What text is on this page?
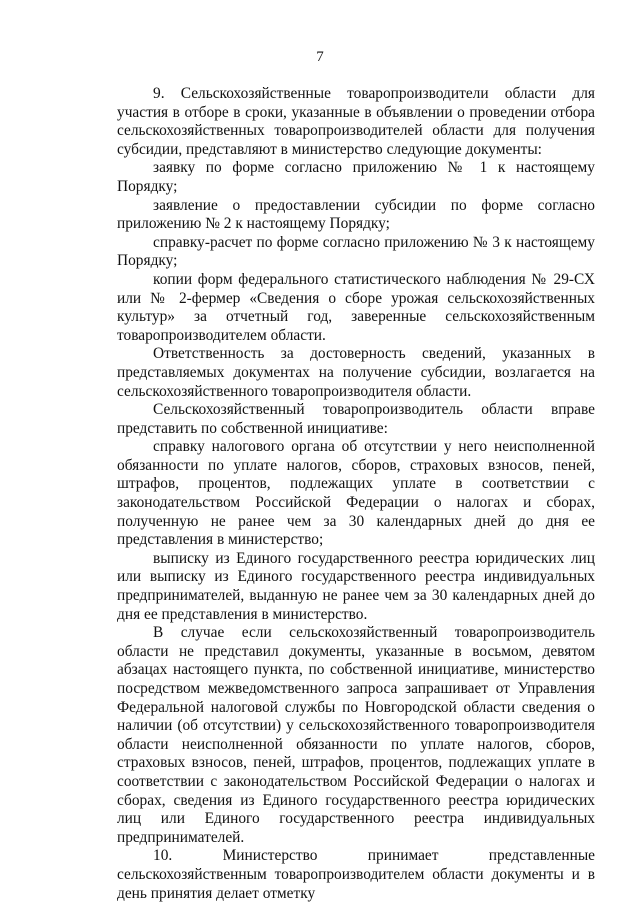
7

9. Сельскохозяйственные товаропроизводители области для участия в отборе в сроки, указанные в объявлении о проведении отбора сельскохозяйственных товаропроизводителей области для получения субсидии, представляют в министерство следующие документы:

заявку по форме согласно приложению № 1 к настоящему Порядку;

заявление о предоставлении субсидии по форме согласно приложению № 2 к настоящему Порядку;

справку-расчет по форме согласно приложению № 3 к настоящему Порядку;

копии форм федерального статистического наблюдения № 29-СХ или № 2-фермер «Сведения о сборе урожая сельскохозяйственных культур» за отчетный год, заверенные сельскохозяйственным товаропроизводителем области.

Ответственность за достоверность сведений, указанных в представляемых документах на получение субсидии, возлагается на сельскохозяйственного товаропроизводителя области.

Сельскохозяйственный товаропроизводитель области вправе представить по собственной инициативе:

справку налогового органа об отсутствии у него неисполненной обязанности по уплате налогов, сборов, страховых взносов, пеней, штрафов, процентов, подлежащих уплате в соответствии с законодательством Российской Федерации о налогах и сборах, полученную не ранее чем за 30 календарных дней до дня ее представления в министерство;

выписку из Единого государственного реестра юридических лиц или выписку из Единого государственного реестра индивидуальных предпринимателей, выданную не ранее чем за 30 календарных дней до дня ее представления в министерство.

В случае если сельскохозяйственный товаропроизводитель области не представил документы, указанные в восьмом, девятом абзацах настоящего пункта, по собственной инициативе, министерство посредством межведомственного запроса запрашивает от Управления Федеральной налоговой службы по Новгородской области сведения о наличии (об отсутствии) у сельскохозяйственного товаропроизводителя области неисполненной обязанности по уплате налогов, сборов, страховых взносов, пеней, штрафов, процентов, подлежащих уплате в соответствии с законодательством Российской Федерации о налогах и сборах, сведения из Единого государственного реестра юридических лиц или Единого государственного реестра индивидуальных предпринимателей.

10. Министерство принимает представленные сельскохозяйственным товаропроизводителем области документы и в день принятия делает отметку
